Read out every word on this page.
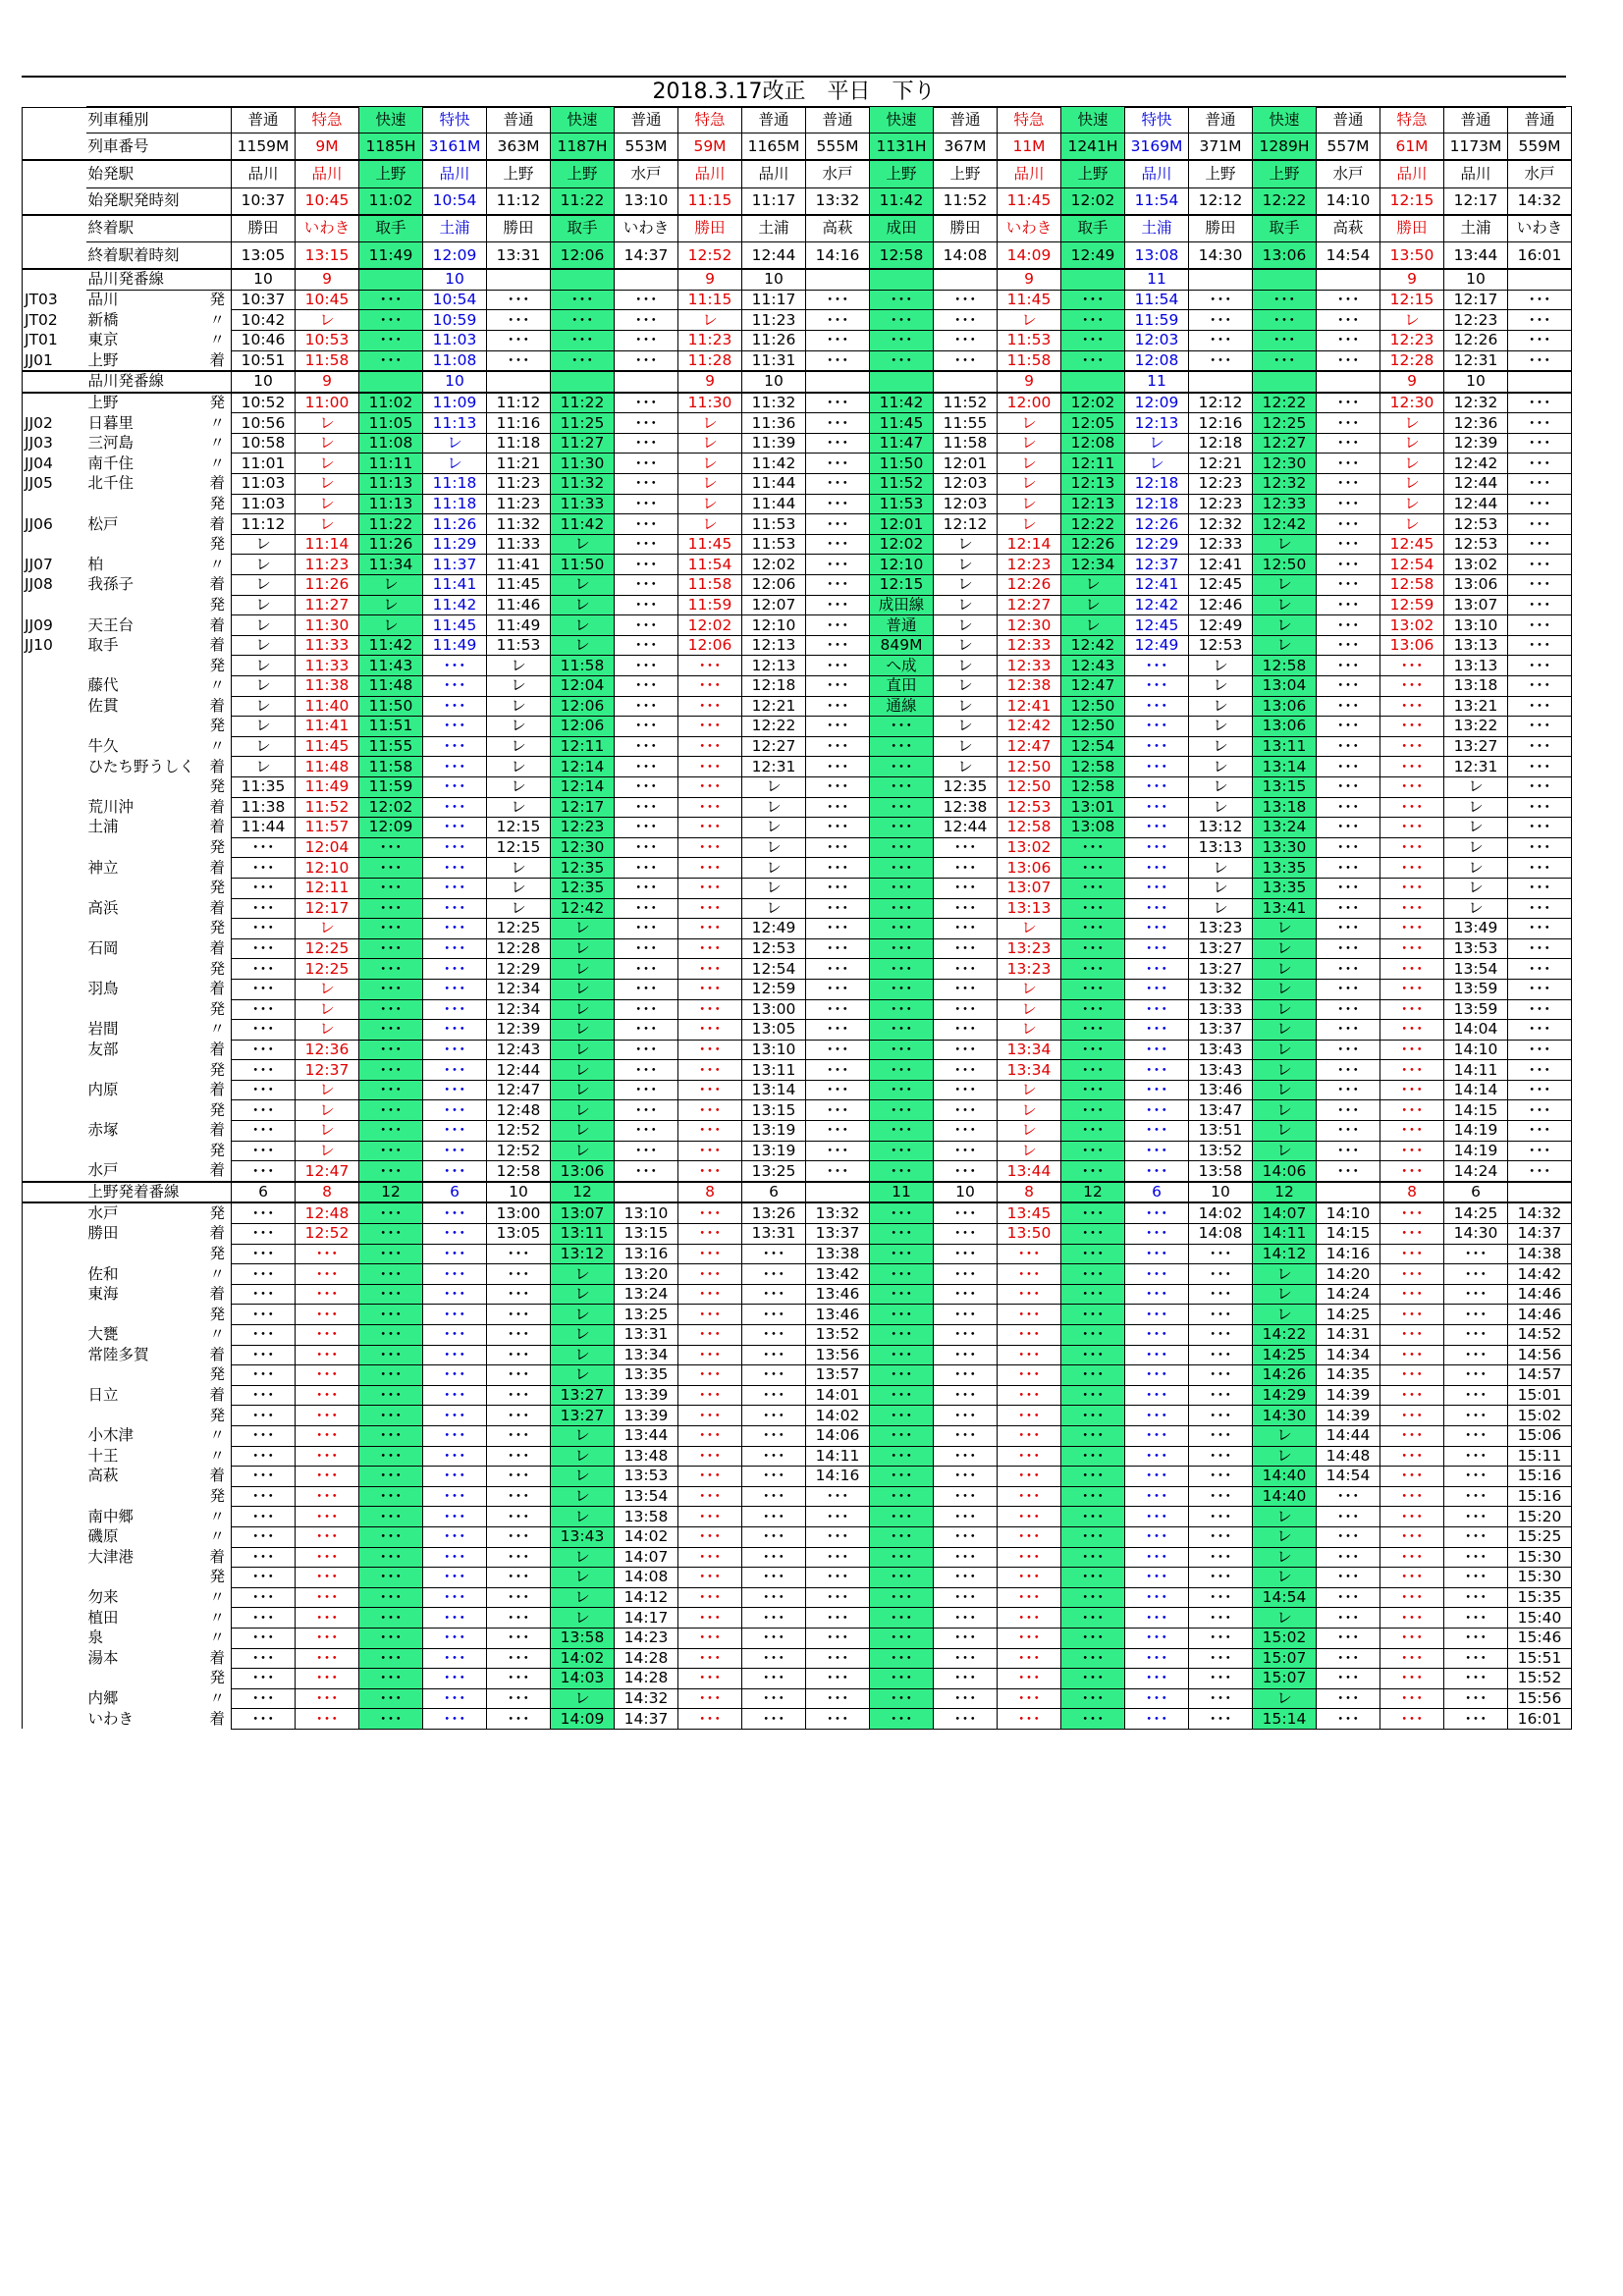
2018.3.17改正　平日　下り
	列車種別		普通	特急	快速	特快	普通	快速	普通	特急	普通	普通	快速	普通	特急	快速	特快	普通	快速	普通	特急	普通	普通
	列車番号		1159M	9M	1185H	3161M	363M	1187H	553M	59M	1165M	555M	1131H	367M	11M	1241H	3169M	371M	1289H	557M	61M	1173M	559M
	始発駅		品川	品川	上野	品川	上野	上野	水戸	品川	品川	水戸	上野	上野	品川	上野	品川	上野	上野	水戸	品川	品川	水戸
	始発駅発時刻		10:37	10:45	11:02	10:54	11:12	11:22	13:10	11:15	11:17	13:32	11:42	11:52	11:45	12:02	11:54	12:12	12:22	14:10	12:15	12:17	14:32
	終着駅		勝田	いわき	取手	土浦	勝田	取手	いわき	勝田	土浦	高萩	成田	勝田	いわき	取手	土浦	勝田	取手	高萩	勝田	土浦	いわき
	終着駅着時刻		13:05	13:15	11:49	12:09	13:31	12:06	14:37	12:52	12:44	14:16	12:58	14:08	14:09	12:49	13:08	14:30	13:06	14:54	13:50	13:44	16:01
	品川発番線		10	9		10				9	10				9		11				9	10	
JT03	品川	発	10:37	10:45	･･･	10:54	･･･	･･･	･･･	11:15	11:17	･･･	･･･	･･･	11:45	･･･	11:54	･･･	･･･	･･･	12:15	12:17	･･･
JT02	新橋	〃	10:42	レ	･･･	10:59	･･･	･･･	･･･	レ	11:23	･･･	･･･	･･･	レ	･･･	11:59	･･･	･･･	･･･	レ	12:23	･･･
JT01	東京	〃	10:46	10:53	･･･	11:03	･･･	･･･	･･･	11:23	11:26	･･･	･･･	･･･	11:53	･･･	12:03	･･･	･･･	･･･	12:23	12:26	･･･
JJ01	上野	着	10:51	11:58	･･･	11:08	･･･	･･･	･･･	11:28	11:31	･･･	･･･	･･･	11:58	･･･	12:08	･･･	･･･	･･･	12:28	12:31	･･･
	品川発番線		10	9		10				9	10				9		11				9	10	
	上野	発	10:52	11:00	11:02	11:09	11:12	11:22	･･･	11:30	11:32	･･･	11:42	11:52	12:00	12:02	12:09	12:12	12:22	･･･	12:30	12:32	･･･
JJ02	日暮里	〃	10:56	レ	11:05	11:13	11:16	11:25	･･･	レ	11:36	･･･	11:45	11:55	レ	12:05	12:13	12:16	12:25	･･･	レ	12:36	･･･
JJ03	三河島	〃	10:58	レ	11:08	レ	11:18	11:27	･･･	レ	11:39	･･･	11:47	11:58	レ	12:08	レ	12:18	12:27	･･･	レ	12:39	･･･
JJ04	南千住	〃	11:01	レ	11:11	レ	11:21	11:30	･･･	レ	11:42	･･･	11:50	12:01	レ	12:11	レ	12:21	12:30	･･･	レ	12:42	･･･
JJ05	北千住	着	11:03	レ	11:13	11:18	11:23	11:32	･･･	レ	11:44	･･･	11:52	12:03	レ	12:13	12:18	12:23	12:32	･･･	レ	12:44	･･･
		発	11:03	レ	11:13	11:18	11:23	11:33	･･･	レ	11:44	･･･	11:53	12:03	レ	12:13	12:18	12:23	12:33	･･･	レ	12:44	･･･
JJ06	松戸	着	11:12	レ	11:22	11:26	11:32	11:42	･･･	レ	11:53	･･･	12:01	12:12	レ	12:22	12:26	12:32	12:42	･･･	レ	12:53	･･･
		発	レ	11:14	11:26	11:29	11:33	レ	･･･	11:45	11:53	･･･	12:02	レ	12:14	12:26	12:29	12:33	レ	･･･	12:45	12:53	･･･
JJ07	柏	〃	レ	11:23	11:34	11:37	11:41	11:50	･･･	11:54	12:02	･･･	12:10	レ	12:23	12:34	12:37	12:41	12:50	･･･	12:54	13:02	･･･
JJ08	我孫子	着	レ	11:26	レ	11:41	11:45	レ	･･･	11:58	12:06	･･･	12:15	レ	12:26	レ	12:41	12:45	レ	･･･	12:58	13:06	･･･
		発	レ	11:27	レ	11:42	11:46	レ	･･･	11:59	12:07	･･･	成田線	レ	12:27	レ	12:42	12:46	レ	･･･	12:59	13:07	･･･
JJ09	天王台	着	レ	11:30	レ	11:45	11:49	レ	･･･	12:02	12:10	･･･	普通	レ	12:30	レ	12:45	12:49	レ	･･･	13:02	13:10	･･･
JJ10	取手	着	レ	11:33	11:42	11:49	11:53	レ	･･･	12:06	12:13	･･･	849M	レ	12:33	12:42	12:49	12:53	レ	･･･	13:06	13:13	･･･
		発	レ	11:33	11:43	･･･	レ	11:58	･･･	･･･	12:13	･･･	へ成	レ	12:33	12:43	･･･	レ	12:58	･･･	･･･	13:13	･･･
	藤代	〃	レ	11:38	11:48	･･･	レ	12:04	･･･	･･･	12:18	･･･	直田	レ	12:38	12:47	･･･	レ	13:04	･･･	･･･	13:18	･･･
	佐貫	着	レ	11:40	11:50	･･･	レ	12:06	･･･	･･･	12:21	･･･	通線	レ	12:41	12:50	･･･	レ	13:06	･･･	･･･	13:21	･･･
		発	レ	11:41	11:51	･･･	レ	12:06	･･･	･･･	12:22	･･･	･･･	レ	12:42	12:50	･･･	レ	13:06	･･･	･･･	13:22	･･･
	牛久	〃	レ	11:45	11:55	･･･	レ	12:11	･･･	･･･	12:27	･･･	･･･	レ	12:47	12:54	･･･	レ	13:11	･･･	･･･	13:27	･･･
	ひたち野うしく	着	レ	11:48	11:58	･･･	レ	12:14	･･･	･･･	12:31	･･･	･･･	レ	12:50	12:58	･･･	レ	13:14	･･･	･･･	12:31	･･･
		発	11:35	11:49	11:59	･･･	レ	12:14	･･･	･･･	レ	･･･	･･･	12:35	12:50	12:58	･･･	レ	13:15	･･･	･･･	レ	･･･
	荒川沖	着	11:38	11:52	12:02	･･･	レ	12:17	･･･	･･･	レ	･･･	･･･	12:38	12:53	13:01	･･･	レ	13:18	･･･	･･･	レ	･･･
	土浦	着	11:44	11:57	12:09	･･･	12:15	12:23	･･･	･･･	レ	･･･	･･･	12:44	12:58	13:08	･･･	13:12	13:24	･･･	･･･	レ	･･･
		発	･･･	12:04	･･･	･･･	12:15	12:30	･･･	･･･	レ	･･･	･･･	･･･	13:02	･･･	･･･	13:13	13:30	･･･	･･･	レ	･･･
	神立	着	･･･	12:10	･･･	･･･	レ	12:35	･･･	･･･	レ	･･･	･･･	･･･	13:06	･･･	･･･	レ	13:35	･･･	･･･	レ	･･･
		発	･･･	12:11	･･･	･･･	レ	12:35	･･･	･･･	レ	･･･	･･･	･･･	13:07	･･･	･･･	レ	13:35	･･･	･･･	レ	･･･
	高浜	着	･･･	12:17	･･･	･･･	レ	12:42	･･･	･･･	レ	･･･	･･･	･･･	13:13	･･･	･･･	レ	13:41	･･･	･･･	レ	･･･
		発	･･･	レ	･･･	･･･	12:25	レ	･･･	･･･	12:49	･･･	･･･	･･･	レ	･･･	･･･	13:23	レ	･･･	･･･	13:49	･･･
	石岡	着	･･･	12:25	･･･	･･･	12:28	レ	･･･	･･･	12:53	･･･	･･･	･･･	13:23	･･･	･･･	13:27	レ	･･･	･･･	13:53	･･･
		発	･･･	12:25	･･･	･･･	12:29	レ	･･･	･･･	12:54	･･･	･･･	･･･	13:23	･･･	･･･	13:27	レ	･･･	･･･	13:54	･･･
	羽鳥	着	･･･	レ	･･･	･･･	12:34	レ	･･･	･･･	12:59	･･･	･･･	･･･	レ	･･･	･･･	13:32	レ	･･･	･･･	13:59	･･･
		発	･･･	レ	･･･	･･･	12:34	レ	･･･	･･･	13:00	･･･	･･･	･･･	レ	･･･	･･･	13:33	レ	･･･	･･･	13:59	･･･
	岩間	〃	･･･	レ	･･･	･･･	12:39	レ	･･･	･･･	13:05	･･･	･･･	･･･	レ	･･･	･･･	13:37	レ	･･･	･･･	14:04	･･･
	友部	着	･･･	12:36	･･･	･･･	12:43	レ	･･･	･･･	13:10	･･･	･･･	･･･	13:34	･･･	･･･	13:43	レ	･･･	･･･	14:10	･･･
		発	･･･	12:37	･･･	･･･	12:44	レ	･･･	･･･	13:11	･･･	･･･	･･･	13:34	･･･	･･･	13:43	レ	･･･	･･･	14:11	･･･
	内原	着	･･･	レ	･･･	･･･	12:47	レ	･･･	･･･	13:14	･･･	･･･	･･･	レ	･･･	･･･	13:46	レ	･･･	･･･	14:14	･･･
		発	･･･	レ	･･･	･･･	12:48	レ	･･･	･･･	13:15	･･･	･･･	･･･	レ	･･･	･･･	13:47	レ	･･･	･･･	14:15	･･･
	赤塚	着	･･･	レ	･･･	･･･	12:52	レ	･･･	･･･	13:19	･･･	･･･	･･･	レ	･･･	･･･	13:51	レ	･･･	･･･	14:19	･･･
		発	･･･	レ	･･･	･･･	12:52	レ	･･･	･･･	13:19	･･･	･･･	･･･	レ	･･･	･･･	13:52	レ	･･･	･･･	14:19	･･･
	水戸	着	･･･	12:47	･･･	･･･	12:58	13:06	･･･	･･･	13:25	･･･	･･･	･･･	13:44	･･･	･･･	13:58	14:06	･･･	･･･	14:24	･･･
	上野発着番線		6	8	12	6	10	12		8	6		11	10	8	12	6	10	12		8	6	
	水戸	発	･･･	12:48	･･･	･･･	13:00	13:07	13:10	･･･	13:26	13:32	･･･	･･･	13:45	･･･	･･･	14:02	14:07	14:10	･･･	14:25	14:32
	勝田	着	･･･	12:52	･･･	･･･	13:05	13:11	13:15	･･･	13:31	13:37	･･･	･･･	13:50	･･･	･･･	14:08	14:11	14:15	･･･	14:30	14:37
		発	･･･	･･･	･･･	･･･	･･･	13:12	13:16	･･･	･･･	13:38	･･･	･･･	･･･	･･･	･･･	･･･	14:12	14:16	･･･	･･･	14:38
	佐和	〃	･･･	･･･	･･･	･･･	･･･	レ	13:20	･･･	･･･	13:42	･･･	･･･	･･･	･･･	･･･	･･･	レ	14:20	･･･	･･･	14:42
	東海	着	･･･	･･･	･･･	･･･	･･･	レ	13:24	･･･	･･･	13:46	･･･	･･･	･･･	･･･	･･･	･･･	レ	14:24	･･･	･･･	14:46
		発	･･･	･･･	･･･	･･･	･･･	レ	13:25	･･･	･･･	13:46	･･･	･･･	･･･	･･･	･･･	･･･	レ	14:25	･･･	･･･	14:46
	大甕	〃	･･･	･･･	･･･	･･･	･･･	レ	13:31	･･･	･･･	13:52	･･･	･･･	･･･	･･･	･･･	･･･	14:22	14:31	･･･	･･･	14:52
	常陸多賀	着	･･･	･･･	･･･	･･･	･･･	レ	13:34	･･･	･･･	13:56	･･･	･･･	･･･	･･･	･･･	･･･	14:25	14:34	･･･	･･･	14:56
		発	･･･	･･･	･･･	･･･	･･･	レ	13:35	･･･	･･･	13:57	･･･	･･･	･･･	･･･	･･･	･･･	14:26	14:35	･･･	･･･	14:57
	日立	着	･･･	･･･	･･･	･･･	･･･	13:27	13:39	･･･	･･･	14:01	･･･	･･･	･･･	･･･	･･･	･･･	14:29	14:39	･･･	･･･	15:01
		発	･･･	･･･	･･･	･･･	･･･	13:27	13:39	･･･	･･･	14:02	･･･	･･･	･･･	･･･	･･･	･･･	14:30	14:39	･･･	･･･	15:02
	小木津	〃	･･･	･･･	･･･	･･･	･･･	レ	13:44	･･･	･･･	14:06	･･･	･･･	･･･	･･･	･･･	･･･	レ	14:44	･･･	･･･	15:06
	十王	〃	･･･	･･･	･･･	･･･	･･･	レ	13:48	･･･	･･･	14:11	･･･	･･･	･･･	･･･	･･･	･･･	レ	14:48	･･･	･･･	15:11
	高萩	着	･･･	･･･	･･･	･･･	･･･	レ	13:53	･･･	･･･	14:16	･･･	･･･	･･･	･･･	･･･	･･･	14:40	14:54	･･･	･･･	15:16
		発	･･･	･･･	･･･	･･･	･･･	レ	13:54	･･･	･･･	･･･	･･･	･･･	･･･	･･･	･･･	･･･	14:40	･･･	･･･	･･･	15:16
	南中郷	〃	･･･	･･･	･･･	･･･	･･･	レ	13:58	･･･	･･･	･･･	･･･	･･･	･･･	･･･	･･･	･･･	レ	･･･	･･･	･･･	15:20
	磯原	〃	･･･	･･･	･･･	･･･	･･･	13:43	14:02	･･･	･･･	･･･	･･･	･･･	･･･	･･･	･･･	･･･	レ	･･･	･･･	･･･	15:25
	大津港	着	･･･	･･･	･･･	･･･	･･･	レ	14:07	･･･	･･･	･･･	･･･	･･･	･･･	･･･	･･･	･･･	レ	･･･	･･･	･･･	15:30
		発	･･･	･･･	･･･	･･･	･･･	レ	14:08	･･･	･･･	･･･	･･･	･･･	･･･	･･･	･･･	･･･	レ	･･･	･･･	･･･	15:30
	勿来	〃	･･･	･･･	･･･	･･･	･･･	レ	14:12	･･･	･･･	･･･	･･･	･･･	･･･	･･･	･･･	･･･	14:54	･･･	･･･	･･･	15:35
	植田	〃	･･･	･･･	･･･	･･･	･･･	レ	14:17	･･･	･･･	･･･	･･･	･･･	･･･	･･･	･･･	･･･	レ	･･･	･･･	･･･	15:40
	泉	〃	･･･	･･･	･･･	･･･	･･･	13:58	14:23	･･･	･･･	･･･	･･･	･･･	･･･	･･･	･･･	･･･	15:02	･･･	･･･	･･･	15:46
	湯本	着	･･･	･･･	･･･	･･･	･･･	14:02	14:28	･･･	･･･	･･･	･･･	･･･	･･･	･･･	･･･	･･･	15:07	･･･	･･･	･･･	15:51
		発	･･･	･･･	･･･	･･･	･･･	14:03	14:28	･･･	･･･	･･･	･･･	･･･	･･･	･･･	･･･	･･･	15:07	･･･	･･･	･･･	15:52
	内郷	〃	･･･	･･･	･･･	･･･	･･･	レ	14:32	･･･	･･･	･･･	･･･	･･･	･･･	･･･	･･･	･･･	レ	･･･	･･･	･･･	15:56
	いわき	着	･･･	･･･	･･･	･･･	･･･	14:09	14:37	･･･	･･･	･･･	･･･	･･･	･･･	･･･	･･･	･･･	15:14	･･･	･･･	･･･	16:01
